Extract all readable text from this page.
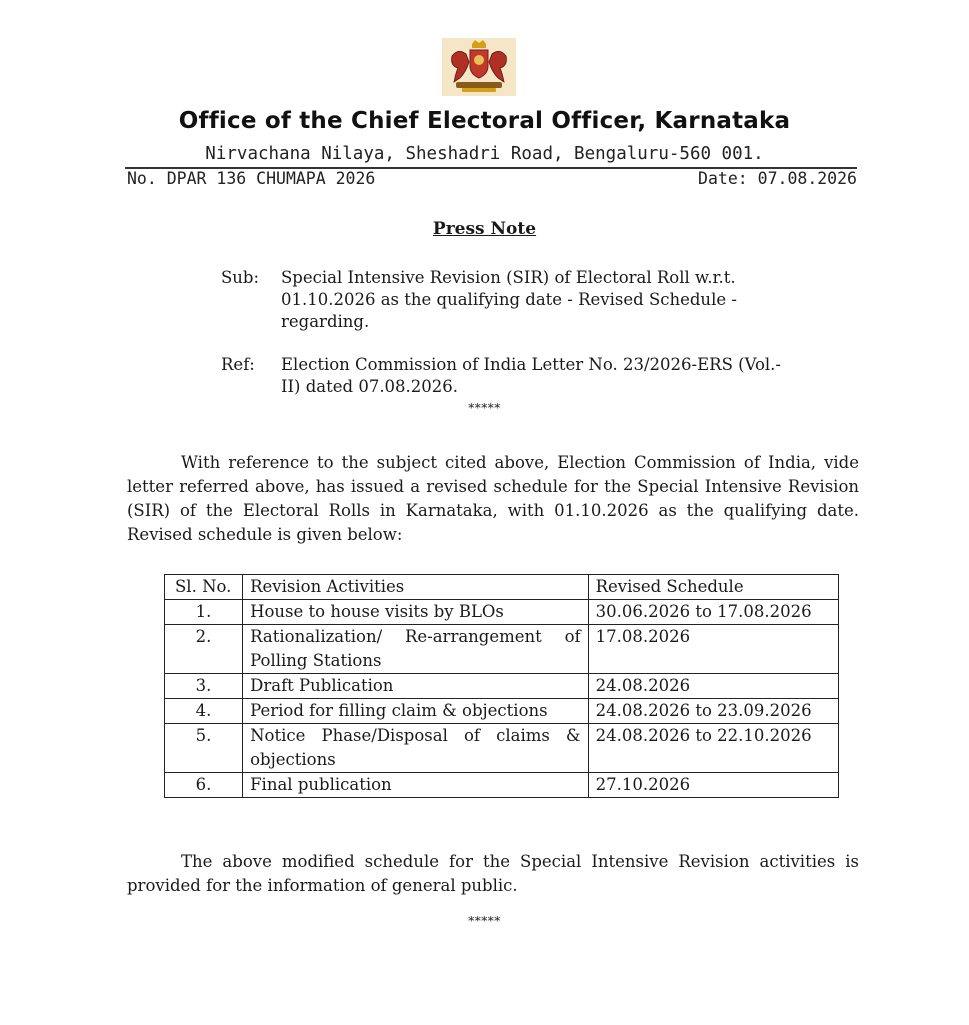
Office of the Chief Electoral Officer, Karnataka
Nirvachana Nilaya, Sheshadri Road, Bengaluru-560 001.
No. DPAR 136 CHUMAPA 2026	Date: 07.08.2026
Press Note
Sub:	Special Intensive Revision (SIR) of Electoral Roll w.r.t. 01.10.2026 as the qualifying date - Revised Schedule - regarding.
Ref:	Election Commission of India Letter No. 23/2026-ERS (Vol.-II) dated 07.08.2026.
*****
With reference to the subject cited above, Election Commission of India, vide letter referred above, has issued a revised schedule for the Special Intensive Revision (SIR) of the Electoral Rolls in Karnataka, with 01.10.2026 as the qualifying date. Revised schedule is given below:
Sl. No.	Revision Activities	Revised Schedule
1.	House to house visits by BLOs	30.06.2026 to 17.08.2026
2.	Rationalization/ Re-arrangement of Polling Stations	17.08.2026
3.	Draft Publication	24.08.2026
4.	Period for filling claim & objections	24.08.2026 to 23.09.2026
5.	Notice Phase/Disposal of claims & objections	24.08.2026 to 22.10.2026
6.	Final publication	27.10.2026
The above modified schedule for the Special Intensive Revision activities is provided for the information of general public.
*****
